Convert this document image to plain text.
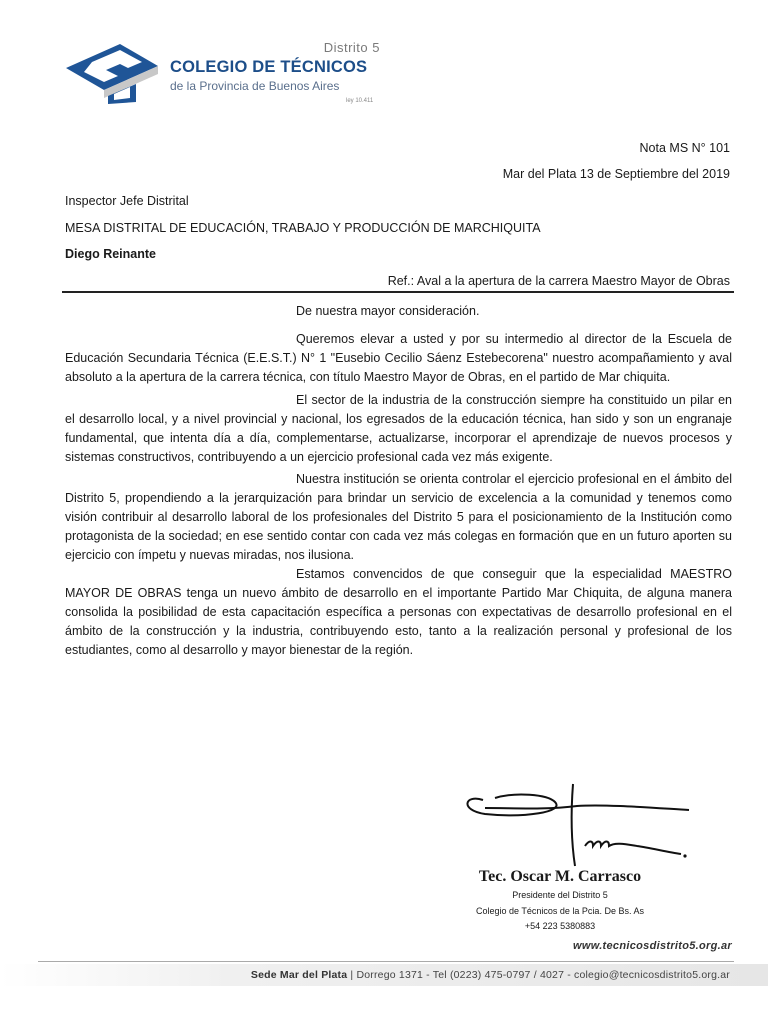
Distrito 5
COLEGIO DE TÉCNICOS
de la Provincia de Buenos Aires
ley 10.411
Nota MS N° 101
Mar del Plata 13 de Septiembre del 2019
Inspector Jefe Distrital
MESA DISTRITAL DE EDUCACIÓN, TRABAJO Y PRODUCCIÓN DE MARCHIQUITA
Diego Reinante
Ref.: Aval a la apertura de la carrera Maestro Mayor de Obras

De nuestra mayor consideración.

Queremos elevar a usted y por su intermedio al director de la Escuela de Educación Secundaria Técnica (E.E.S.T.) N° 1 "Eusebio Cecilio Sáenz Estebecorena" nuestro acompañamiento y aval absoluto a la apertura de la carrera técnica, con título Maestro Mayor de Obras, en el partido de Mar chiquita.

El sector de la industria de la construcción siempre ha constituido un pilar en el desarrollo local, y a nivel provincial y nacional, los egresados de la educación técnica, han sido y son un engranaje fundamental, que intenta día a día, complementarse, actualizarse, incorporar el aprendizaje de nuevos procesos y sistemas constructivos, contribuyendo a un ejercicio profesional cada vez más exigente.

Nuestra institución se orienta controlar el ejercicio profesional en el ámbito del Distrito 5, propendiendo a la jerarquización para brindar un servicio de excelencia a la comunidad y tenemos como visión contribuir al desarrollo laboral de los profesionales del Distrito 5 para el posicionamiento de la Institución como protagonista de la sociedad; en ese sentido contar con cada vez más colegas en formación que en un futuro aporten su ejercicio con ímpetu y nuevas miradas, nos ilusiona.

Estamos convencidos de que conseguir que la especialidad MAESTRO MAYOR DE OBRAS tenga un nuevo ámbito de desarrollo en el importante Partido Mar Chiquita, de alguna manera consolida la posibilidad de esta capacitación específica a personas con expectativas de desarrollo profesional en el ámbito de la construcción y la industria, contribuyendo esto, tanto a la realización personal y profesional de los estudiantes, como al desarrollo y mayor bienestar de la región.

Tec. Oscar M. Carrasco
Presidente del Distrito 5
Colegio de Técnicos de la Pcia. De Bs. As
+54 223 5380883
www.tecnicosdistrito5.org.ar
Sede Mar del Plata | Dorrego 1371 - Tel (0223) 475-0797 / 4027 - colegio@tecnicosdistrito5.org.ar
